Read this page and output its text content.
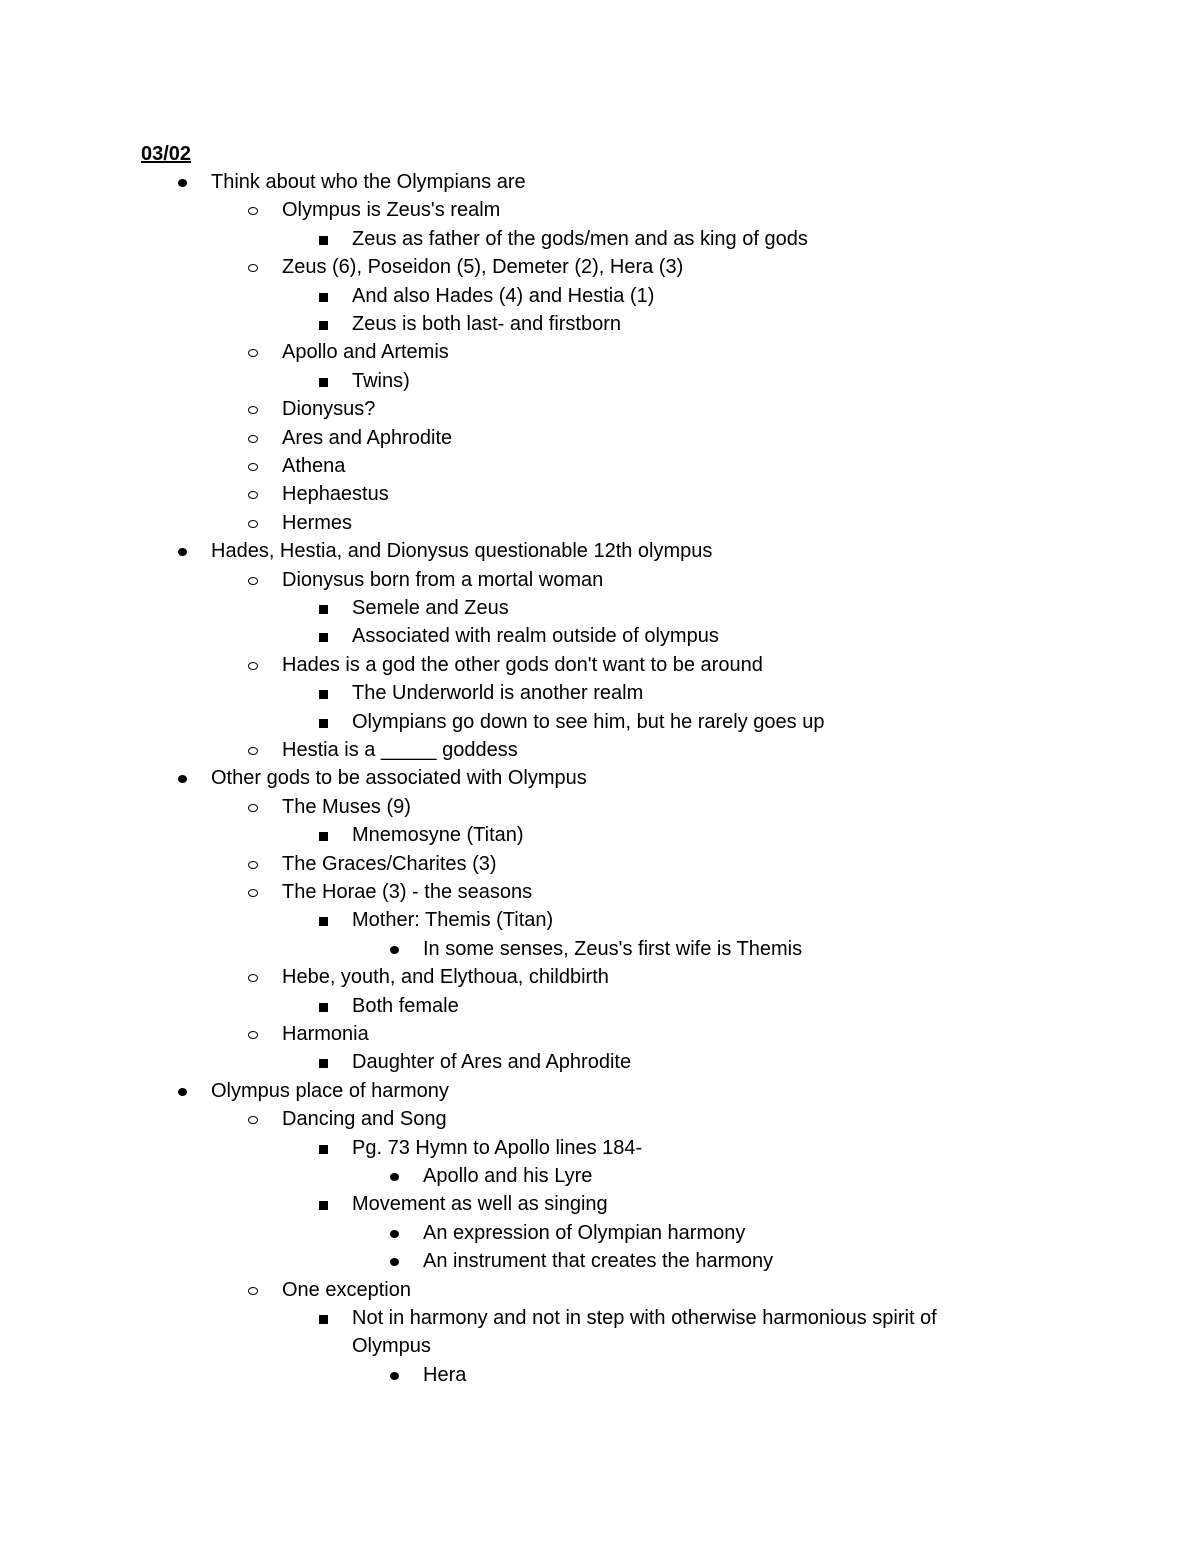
03/02
Think about who the Olympians are
Olympus is Zeus's realm
Zeus as father of the gods/men and as king of gods
Zeus (6), Poseidon (5), Demeter (2), Hera (3)
And also Hades (4) and Hestia (1)
Zeus is both last- and firstborn
Apollo and Artemis
Twins)
Dionysus?
Ares and Aphrodite
Athena
Hephaestus
Hermes
Hades, Hestia, and Dionysus questionable 12th olympus
Dionysus born from a mortal woman
Semele and Zeus
Associated with realm outside of olympus
Hades is a god the other gods don't want to be around
The Underworld is another realm
Olympians go down to see him, but he rarely goes up
Hestia is a _____ goddess
Other gods to be associated with Olympus
The Muses (9)
Mnemosyne (Titan)
The Graces/Charites (3)
The Horae (3) - the seasons
Mother: Themis (Titan)
In some senses, Zeus's first wife is Themis
Hebe, youth, and Elythoua, childbirth
Both female
Harmonia
Daughter of Ares and Aphrodite
Olympus place of harmony
Dancing and Song
Pg. 73 Hymn to Apollo lines 184-
Apollo and his Lyre
Movement as well as singing
An expression of Olympian harmony
An instrument that creates the harmony
One exception
Not in harmony and not in step with otherwise harmonious spirit of Olympus
Hera
